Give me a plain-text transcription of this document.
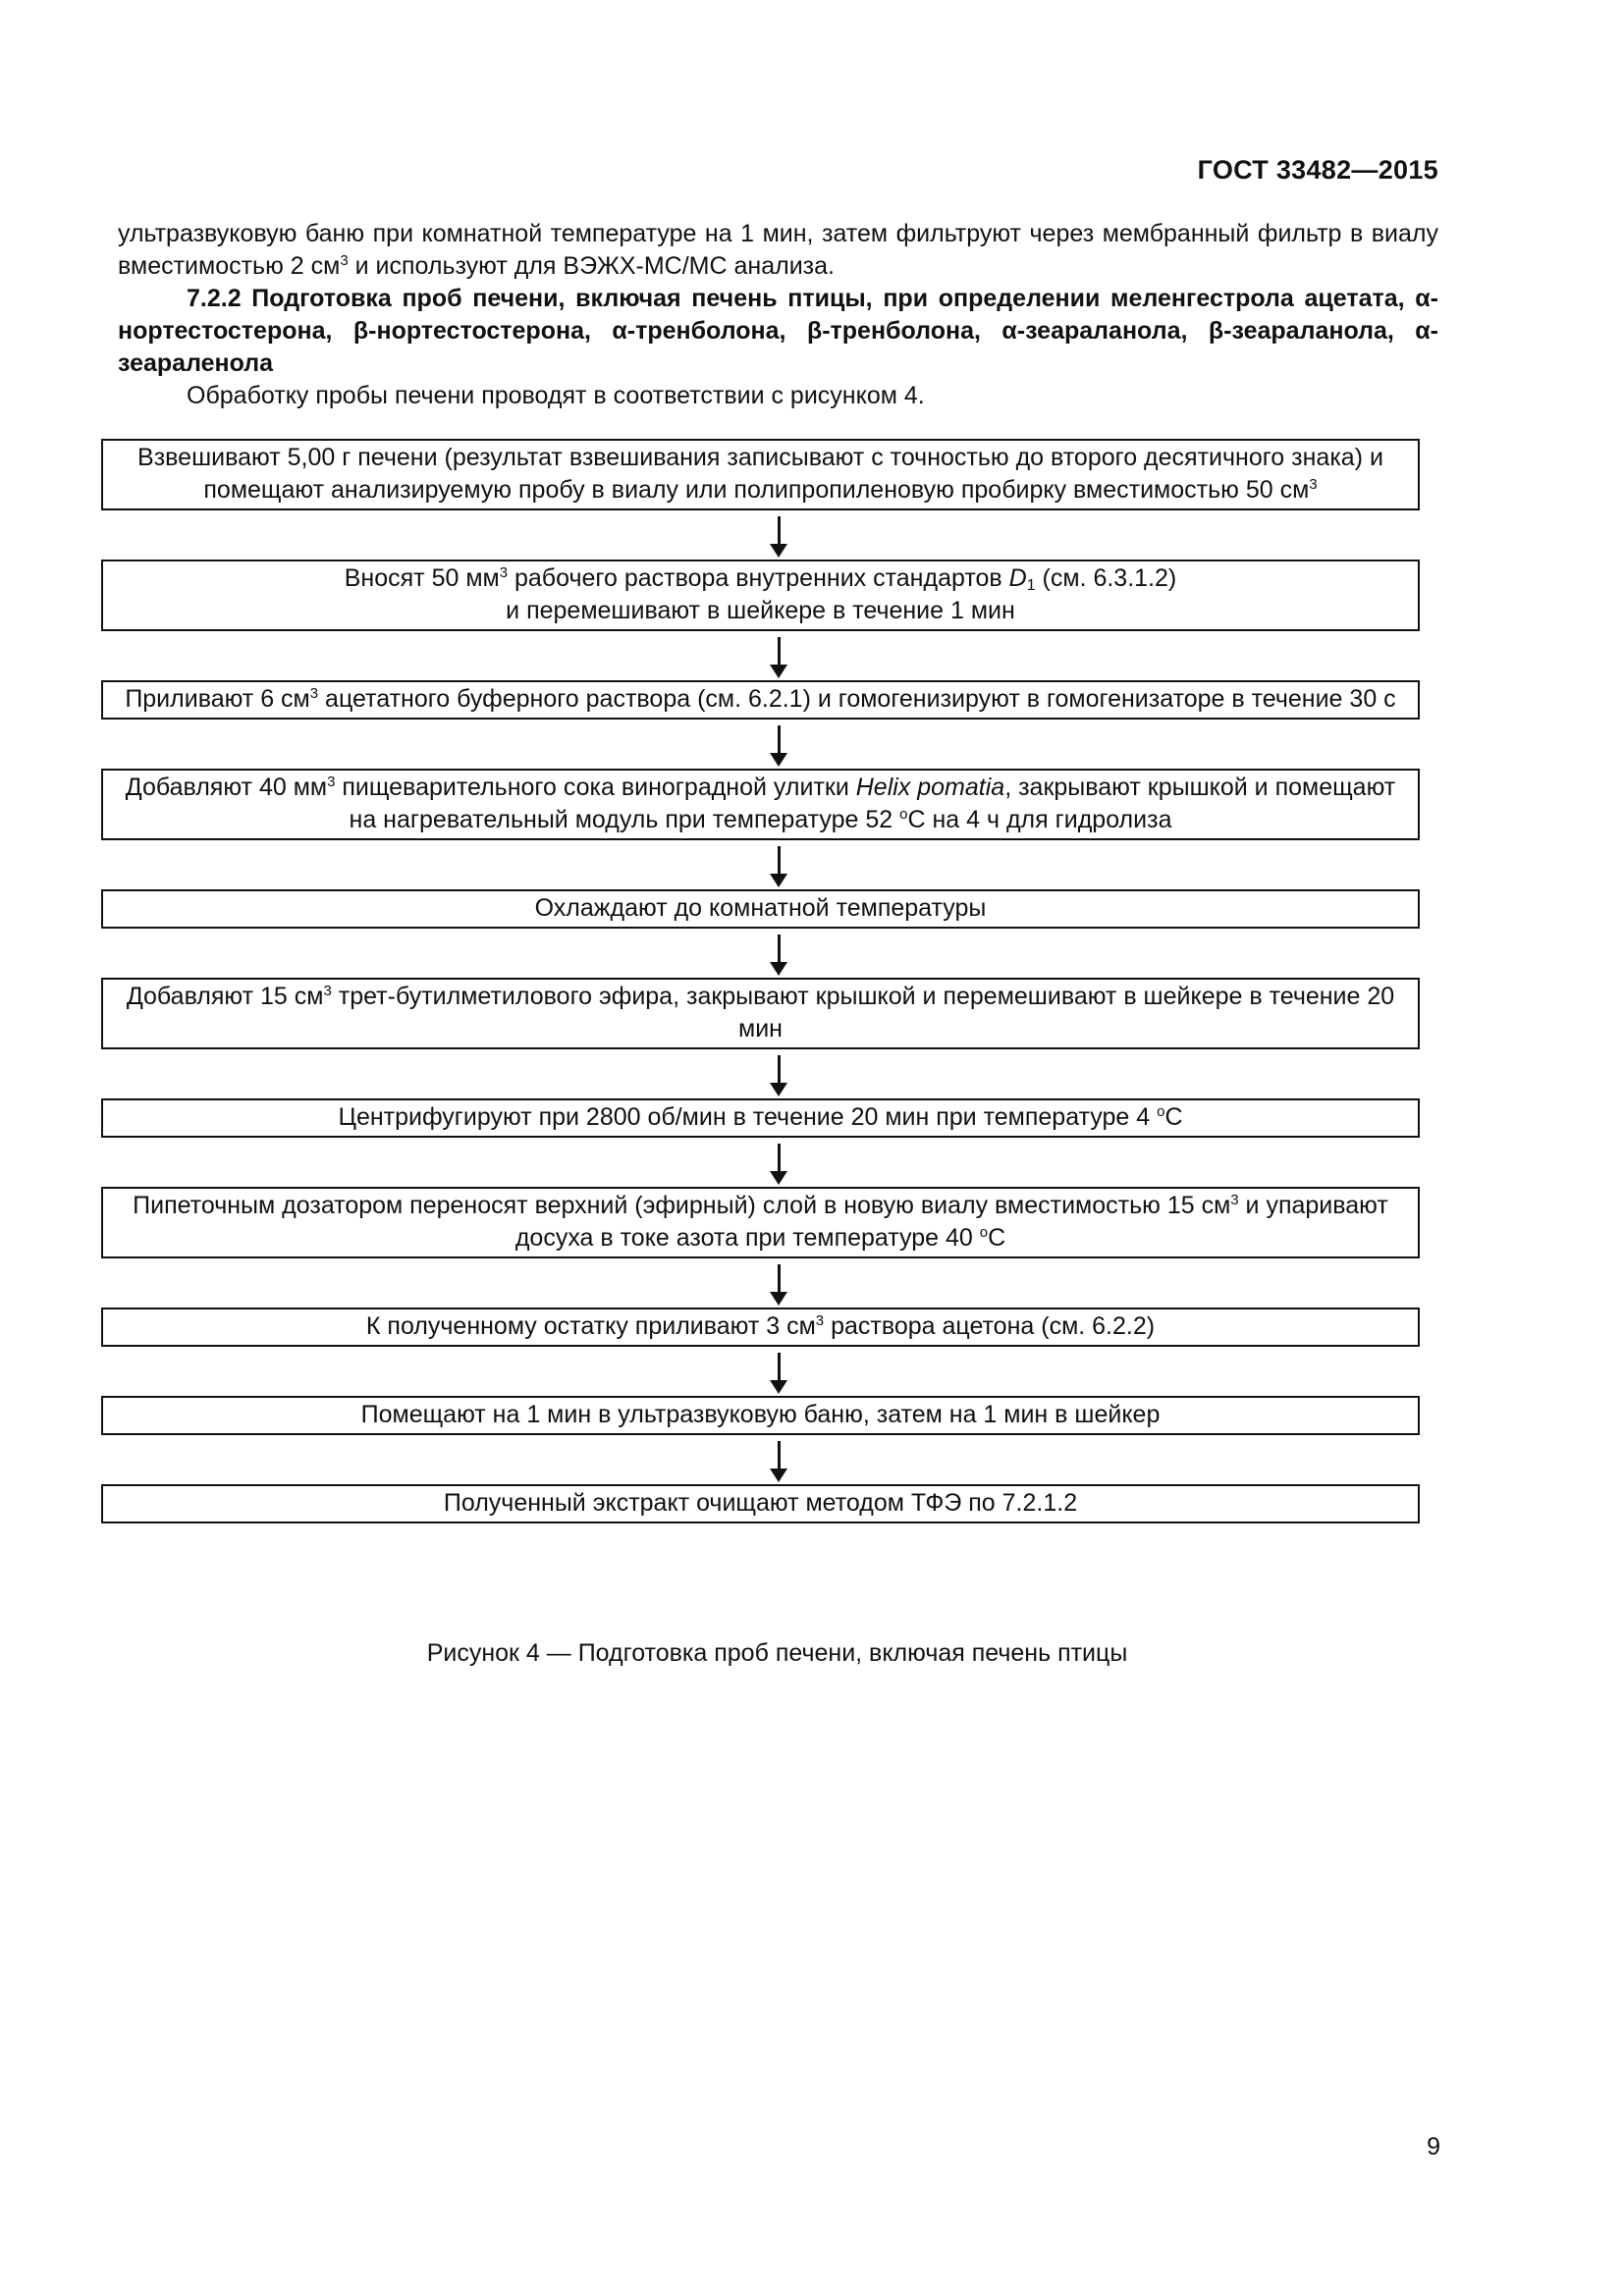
ГОСТ 33482—2015

ультразвуковую баню при комнатной температуре на 1 мин, затем фильтруют через мембранный фильтр в виалу вместимостью 2 $см^3$ и используют для ВЭЖХ-МС/МС анализа.

7.2.2 Подготовка проб печени, включая печень птицы, при определении меленгестрола ацетата, α-нортестостерона, β-нортестостерона, α-тренболона, β-тренболона, α-зеараланола, β-зеараланола, α-зеараленола

Обработку пробы печени проводят в соответствии с рисунком 4.

Взвешивают 5,00 г печени (результат взвешивания записывают с точностью до второго десятичного знака) и помещают анализируемую пробу в виалу или полипропиленовую пробирку вместимостью 50 $см^3$
Вносят 50 $мм^3$ рабочего раствора внутренних стандартов $D_1$ (см. 6.3.1.2)
и перемешивают в шейкере в течение 1 мин
Приливают 6 $см^3$ ацетатного буферного раствора (см. 6.2.1) и гомогенизируют в гомогенизаторе в течение 30 с
Добавляют 40 $мм^3$ пищеварительного сока виноградной улитки Helix pomatia, закрывают крышкой и помещают на нагревательный модуль при температуре 52 $^о$С на 4 ч для гидролиза
Охлаждают до комнатной температуры
Добавляют 15 $см^3$ трет-бутилметилового эфира, закрывают крышкой и перемешивают в шейкере в течение 20 мин
Центрифугируют при 2800 об/мин в течение 20 мин при температуре 4 $^о$С
Пипеточным дозатором переносят верхний (эфирный) слой в новую виалу вместимостью 15 $см^3$ и упаривают досуха в токе азота при температуре 40 $^о$С
К полученному остатку приливают 3 $см^3$ раствора ацетона (см. 6.2.2)
Помещают на 1 мин в ультразвуковую баню, затем на 1 мин в шейкер
Полученный экстракт очищают методом ТФЭ по 7.2.1.2
Рисунок 4 — Подготовка проб печени, включая печень птицы
9
